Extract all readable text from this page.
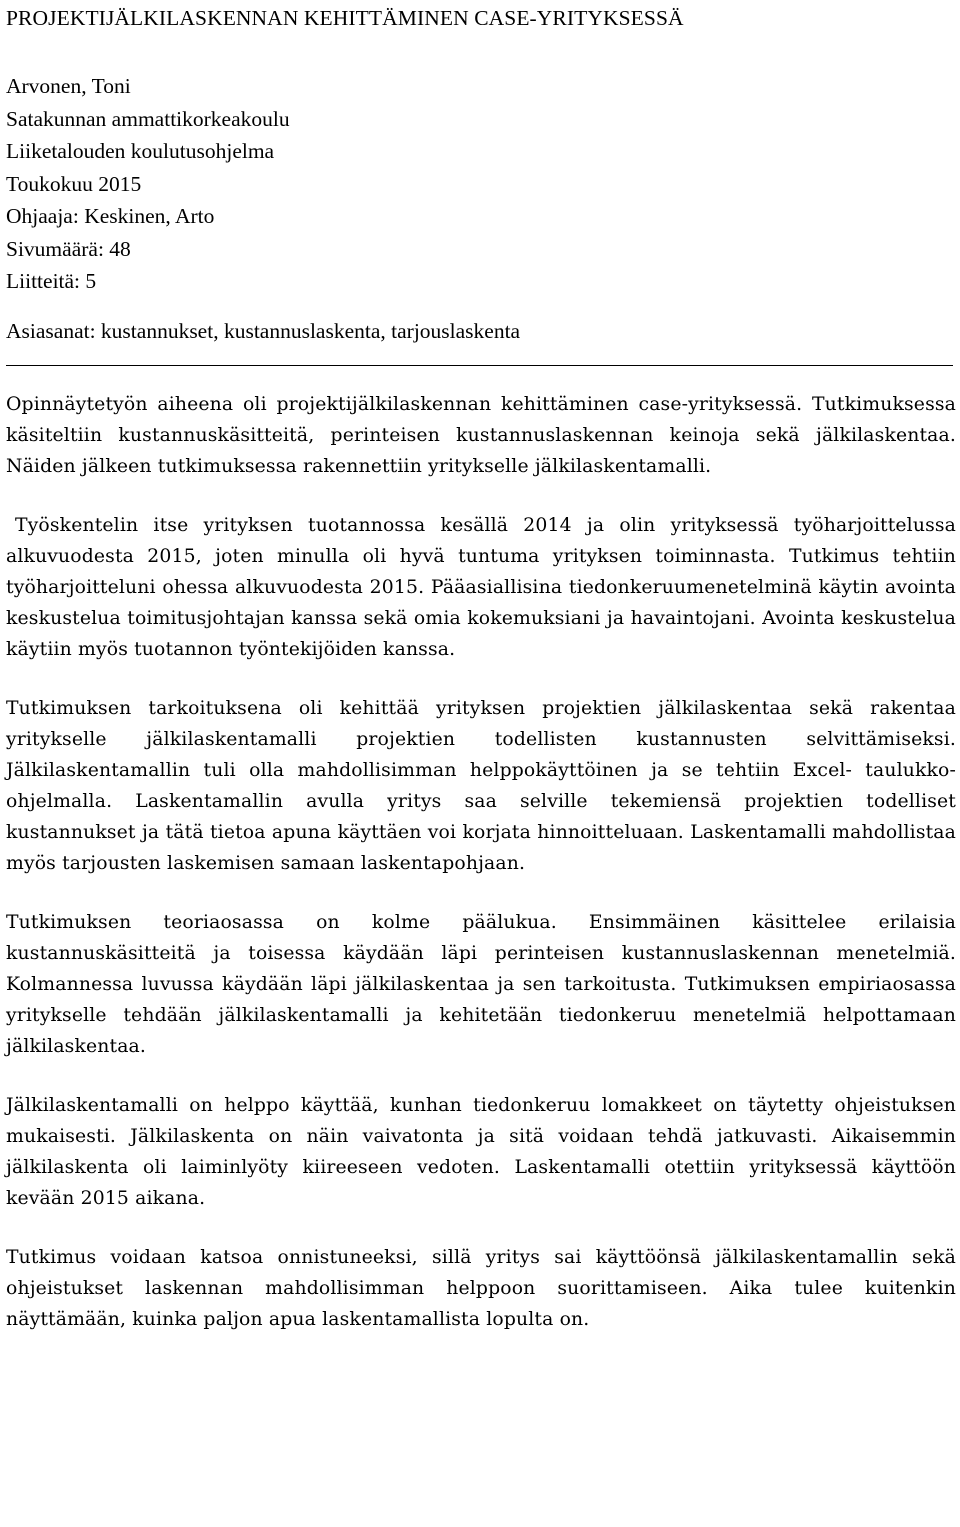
PROJEKTIJÄLKILASKENNAN KEHITTÄMINEN CASE-YRITYKSESSÄ
Arvonen, Toni
Satakunnan ammattikorkeakoulu
Liiketalouden koulutusohjelma
Toukokuu 2015
Ohjaaja: Keskinen, Arto
Sivumäärä: 48
Liitteitä: 5
Asiasanat: kustannukset, kustannuslaskenta, tarjouslaskenta

Opinnäytetyön aiheena oli projektijälkilaskennan kehittäminen case-yrityksessä. Tutkimuksessa käsiteltiin kustannuskäsitteitä, perinteisen kustannuslaskennan keinoja sekä jälkilaskentaa. Näiden jälkeen tutkimuksessa rakennettiin yritykselle jälkilaskentamalli.

Työskentelin itse yrityksen tuotannossa kesällä 2014 ja olin yrityksessä työharjoittelussa alkuvuodesta 2015, joten minulla oli hyvä tuntuma yrityksen toiminnasta. Tutkimus tehtiin työharjoitteluni ohessa alkuvuodesta 2015. Pääasiallisina tiedonkeruumenetelminä käytin avointa keskustelua toimitusjohtajan kanssa sekä omia kokemuksiani ja havaintojani. Avointa keskustelua käytiin myös tuotannon työntekijöiden kanssa.

Tutkimuksen tarkoituksena oli kehittää yrityksen projektien jälkilaskentaa sekä rakentaa yritykselle jälkilaskentamalli projektien todellisten kustannusten selvittämiseksi. Jälkilaskentamallin tuli olla mahdollisimman helppokäyttöinen ja se tehtiin Excel- taulukko-ohjelmalla. Laskentamallin avulla yritys saa selville tekemiensä projektien todelliset kustannukset ja tätä tietoa apuna käyttäen voi korjata hinnoitteluaan. Laskentamalli mahdollistaa myös tarjousten laskemisen samaan laskentapohjaan.

Tutkimuksen teoriaosassa on kolme päälukua. Ensimmäinen käsittelee erilaisia kustannuskäsitteitä ja toisessa käydään läpi perinteisen kustannuslaskennan menetelmiä. Kolmannessa luvussa käydään läpi jälkilaskentaa ja sen tarkoitusta. Tutkimuksen empiriaosassa yritykselle tehdään jälkilaskentamalli ja kehitetään tiedonkeruu menetelmiä helpottamaan jälkilaskentaa.

Jälkilaskentamalli on helppo käyttää, kunhan tiedonkeruu lomakkeet on täytetty ohjeistuksen mukaisesti. Jälkilaskenta on näin vaivatonta ja sitä voidaan tehdä jatkuvasti. Aikaisemmin jälkilaskenta oli laiminlyöty kiireeseen vedoten. Laskentamalli otettiin yrityksessä käyttöön kevään 2015 aikana.

Tutkimus voidaan katsoa onnistuneeksi, sillä yritys sai käyttöönsä jälkilaskentamallin sekä ohjeistukset laskennan mahdollisimman helppoon suorittamiseen. Aika tulee kuitenkin näyttämään, kuinka paljon apua laskentamallista lopulta on.
